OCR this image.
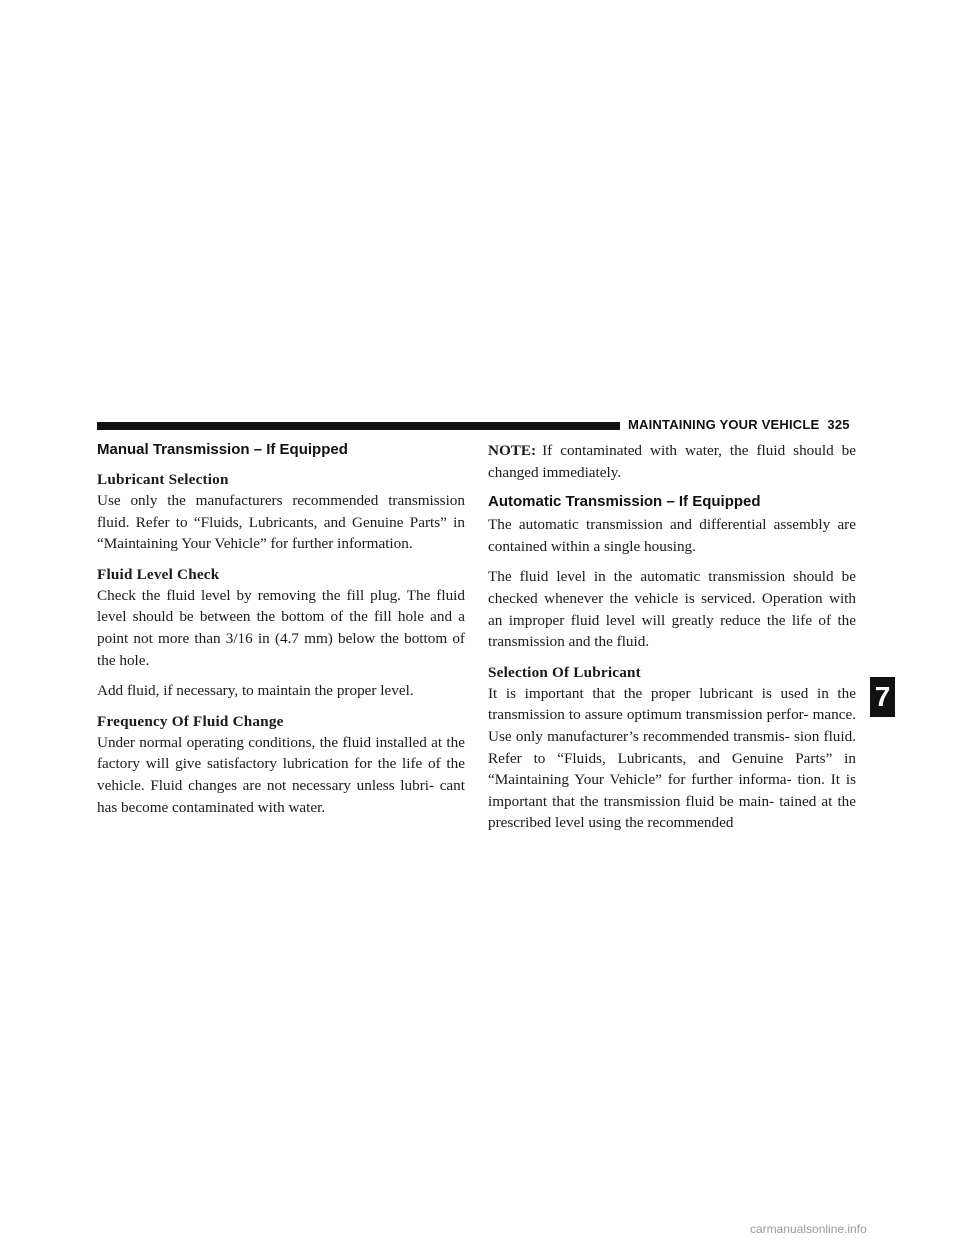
MAINTAINING YOUR VEHICLE 325
Manual Transmission – If Equipped
Lubricant Selection

Use only the manufacturers recommended transmission fluid. Refer to “Fluids, Lubricants, and Genuine Parts” in “Maintaining Your Vehicle” for further information.

Fluid Level Check

Check the fluid level by removing the fill plug. The fluid level should be between the bottom of the fill hole and a point not more than 3/16 in (4.7 mm) below the bottom of the hole.

Add fluid, if necessary, to maintain the proper level.

Frequency Of Fluid Change

Under normal operating conditions, the fluid installed at the factory will give satisfactory lubrication for the life of the vehicle. Fluid changes are not necessary unless lubri- cant has become contaminated with water.

NOTE: If contaminated with water, the fluid should be changed immediately.

Automatic Transmission – If Equipped

The automatic transmission and differential assembly are contained within a single housing.

The fluid level in the automatic transmission should be checked whenever the vehicle is serviced. Operation with an improper fluid level will greatly reduce the life of the transmission and the fluid.

Selection Of Lubricant

It is important that the proper lubricant is used in the transmission to assure optimum transmission perfor- mance. Use only manufacturer’s recommended transmis- sion fluid. Refer to “Fluids, Lubricants, and Genuine Parts” in “Maintaining Your Vehicle” for further informa- tion. It is important that the transmission fluid be main- tained at the prescribed level using the recommended

7
carmanualsonline.info
